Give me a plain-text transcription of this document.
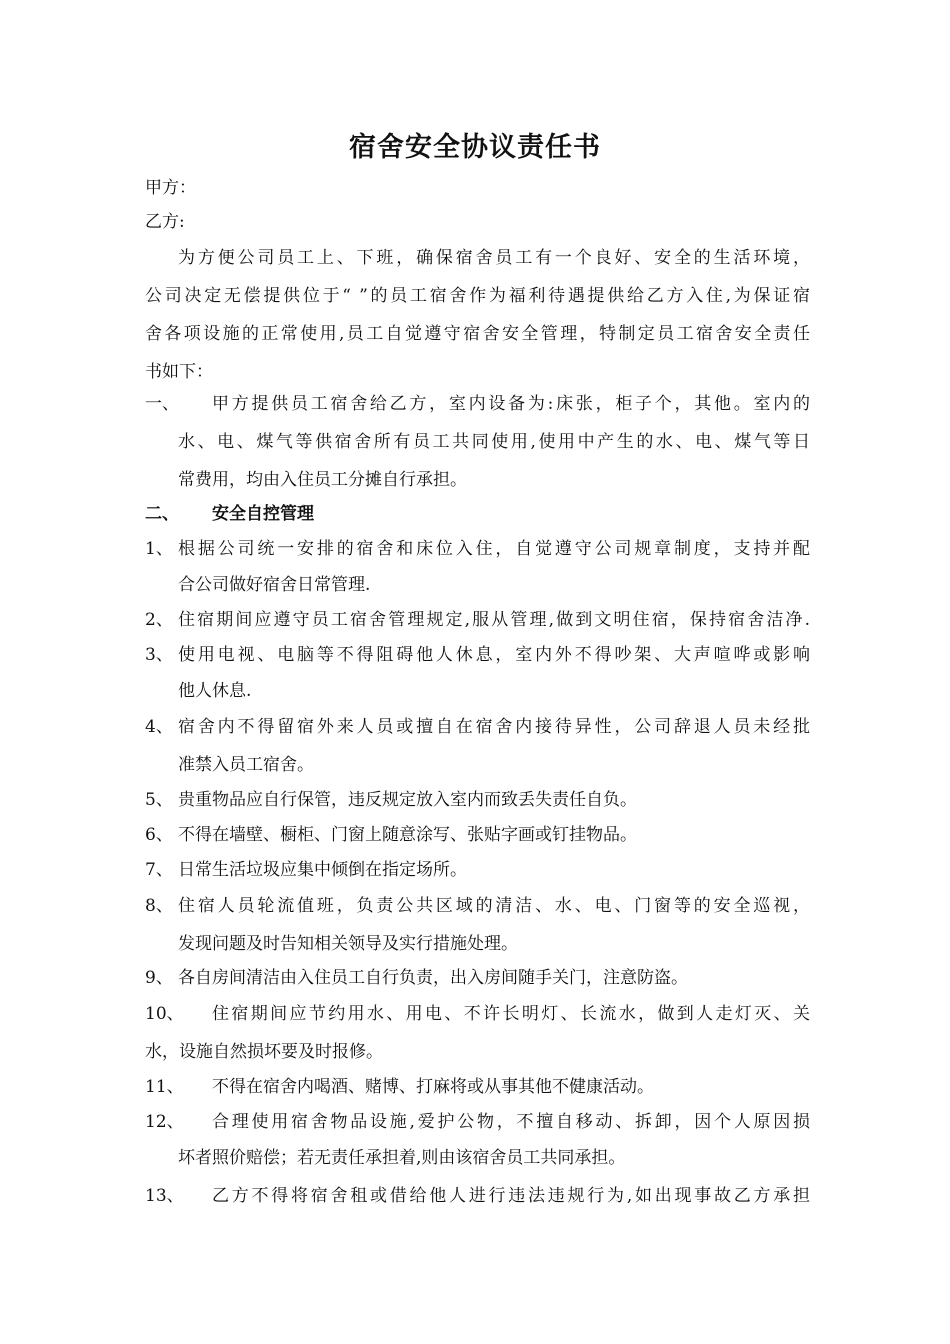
宿舍安全协议责任书
甲方：
乙方:
为方便公司员工上、下班，确保宿舍员工有一个良好、安全的生活环境，
公司决定无偿提供位于“ ”的员工宿舍作为福利待遇提供给乙方入住,为保证宿
舍各项设施的正常使用,员工自觉遵守宿舍安全管理，特制定员工宿舍安全责任
书如下：
一、 甲方提供员工宿舍给乙方，室内设备为:床张，柜子个，其他。室内的
水、电、煤气等供宿舍所有员工共同使用,使用中产生的水、电、煤气等日
常费用，均由入住员工分摊自行承担。
二、 安全自控管理
1、 根据公司统一安排的宿舍和床位入住，自觉遵守公司规章制度，支持并配
合公司做好宿舍日常管理.
2、 住宿期间应遵守员工宿舍管理规定,服从管理,做到文明住宿，保持宿舍洁净.
3、 使用电视、电脑等不得阻碍他人休息，室内外不得吵架、大声喧哗或影响
他人休息.
4、 宿舍内不得留宿外来人员或擅自在宿舍内接待异性，公司辞退人员未经批
准禁入员工宿舍。
5、 贵重物品应自行保管，违反规定放入室内而致丢失责任自负。
6、 不得在墙壁、橱柜、门窗上随意涂写、张贴字画或钉挂物品。
7、 日常生活垃圾应集中倾倒在指定场所。
8、 住宿人员轮流值班，负责公共区域的清洁、水、电、门窗等的安全巡视，
发现问题及时告知相关领导及实行措施处理。
9、 各自房间清洁由入住员工自行负责，出入房间随手关门，注意防盗。
10、 住宿期间应节约用水、用电、不许长明灯、长流水，做到人走灯灭、关
水，设施自然损坏要及时报修。
11、 不得在宿舍内喝酒、赌博、打麻将或从事其他不健康活动。
12、 合理使用宿舍物品设施,爱护公物，不擅自移动、拆卸，因个人原因损
坏者照价赔偿；若无责任承担着,则由该宿舍员工共同承担。
13、 乙方不得将宿舍租或借给他人进行违法违规行为,如出现事故乙方承担
